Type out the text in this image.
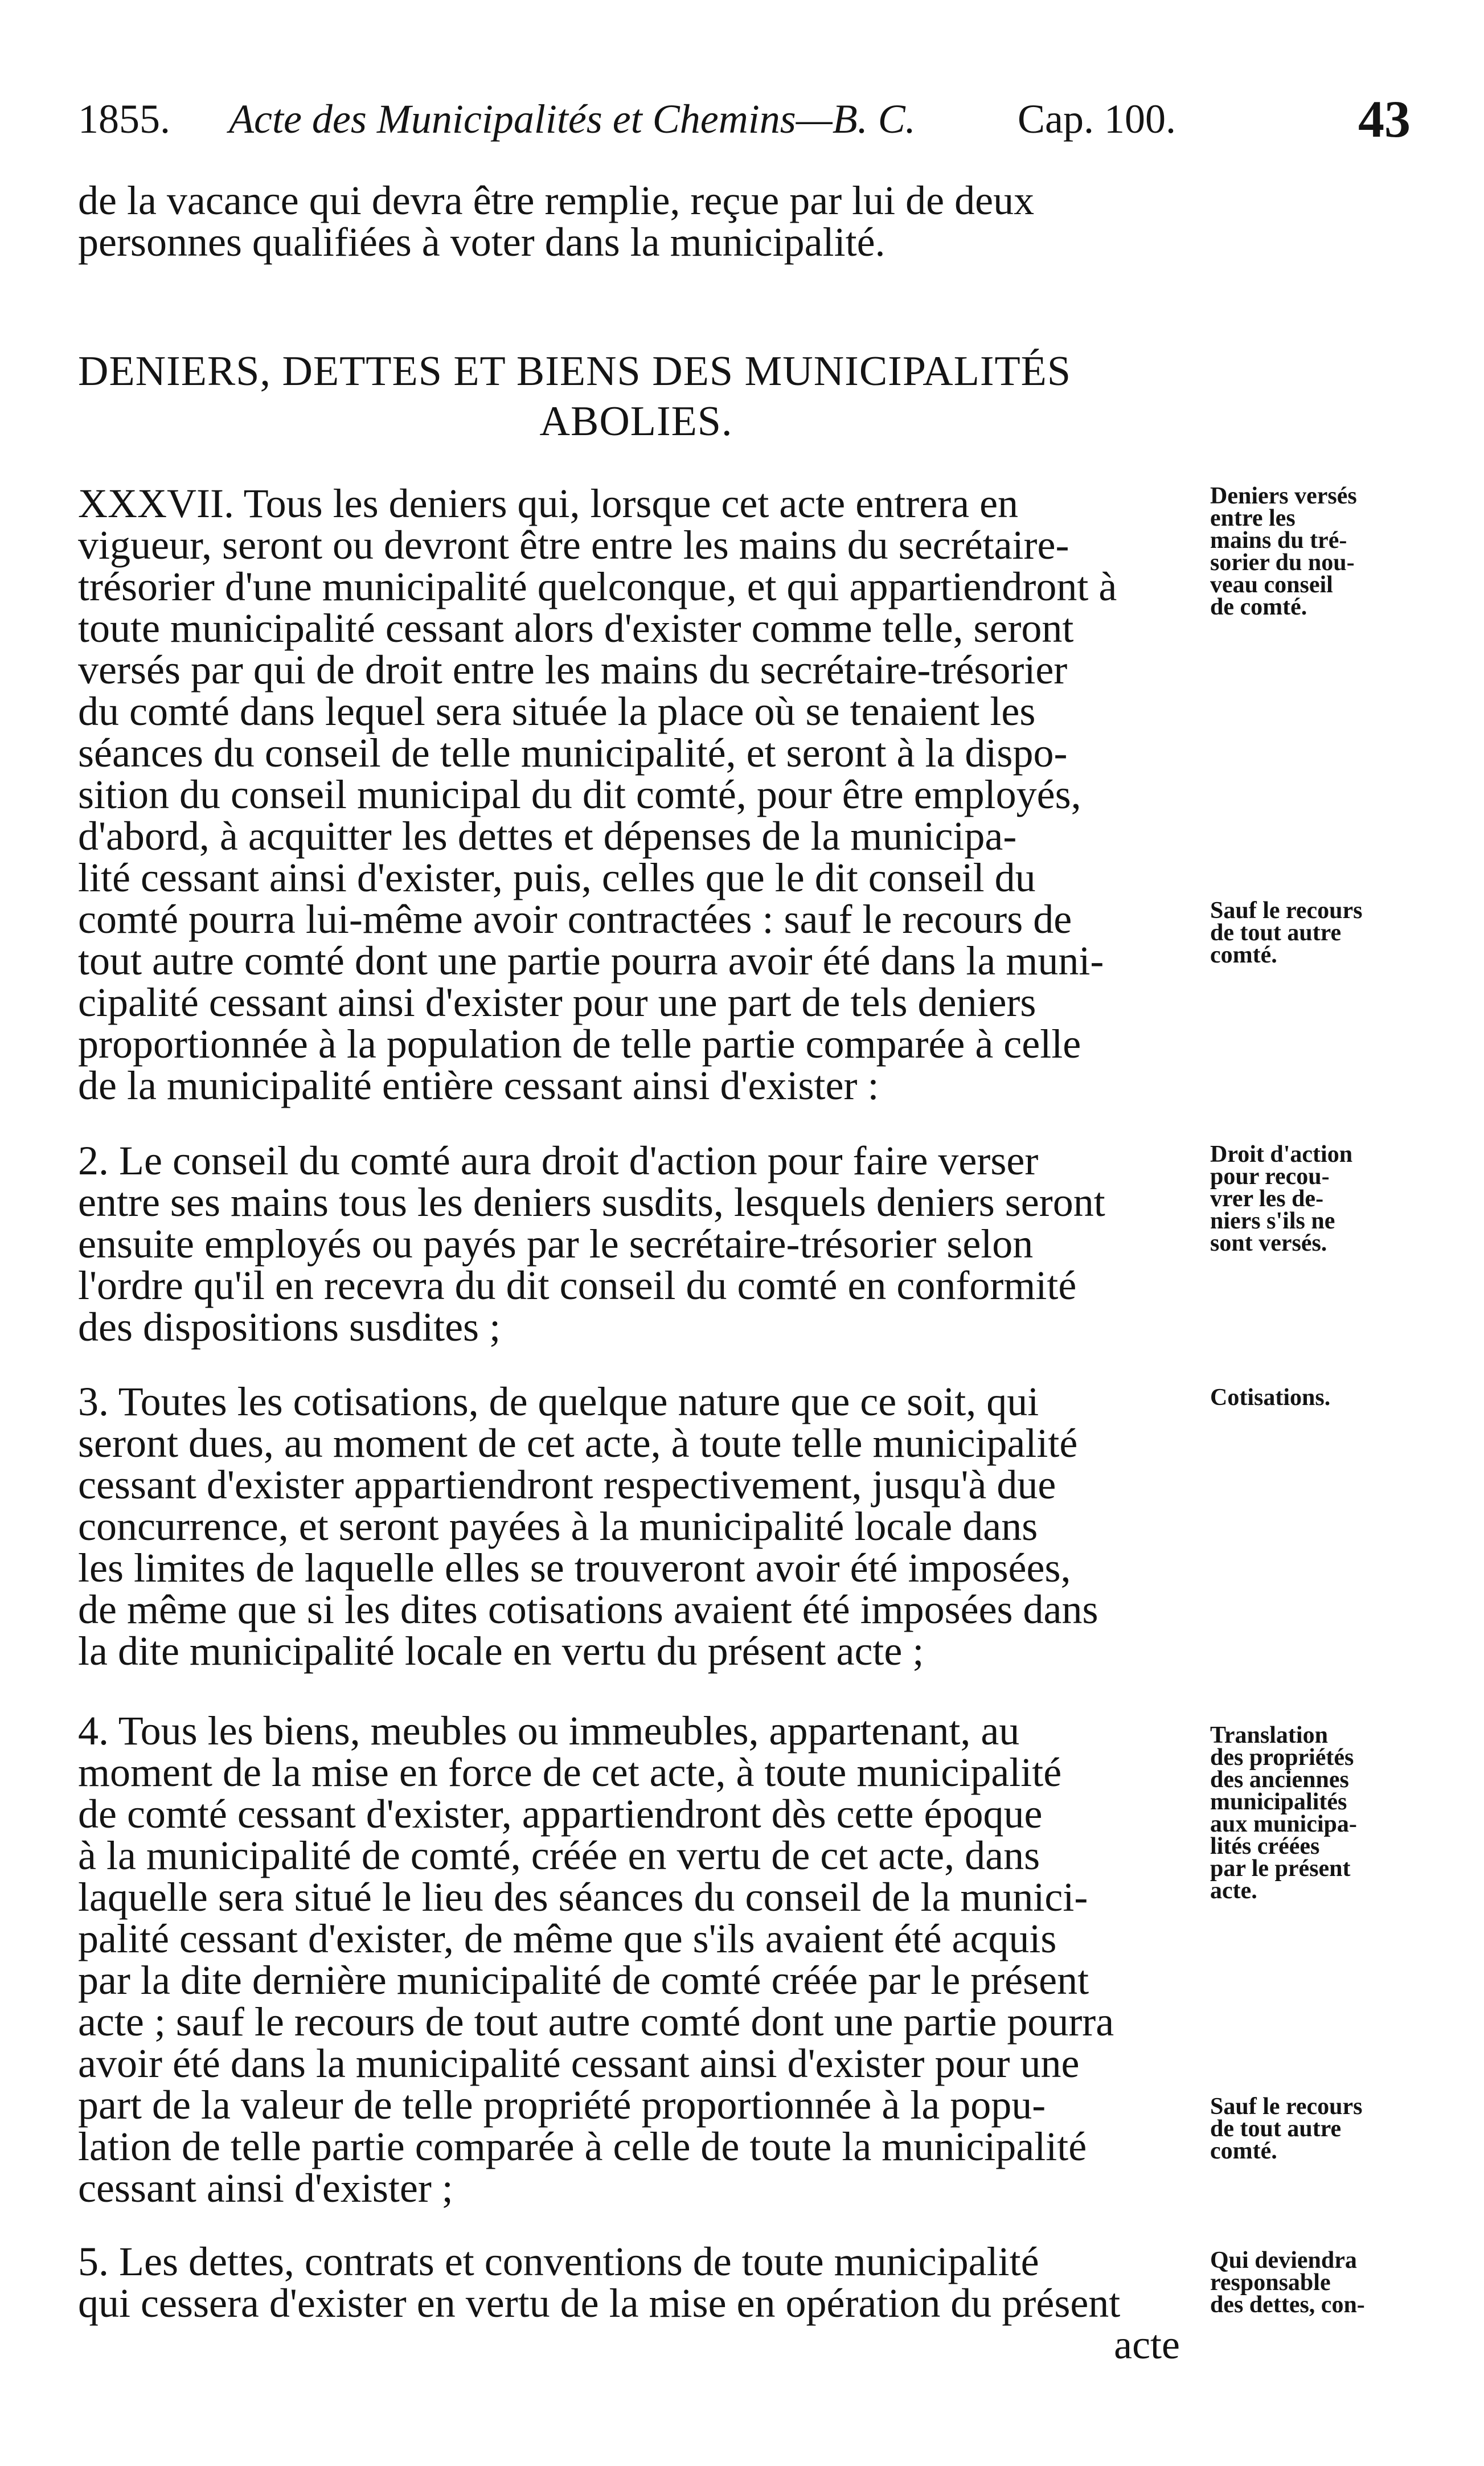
1855. Acte des Municipalités et Chemins—B. C. Cap. 100.	43
de la vacance qui devra être remplie, reçue par lui de deux
personnes qualifiées à voter dans la municipalité.
DENIERS, DETTES ET BIENS DES MUNICIPALITÉS
ABOLIES.
XXXVII. Tous les deniers qui, lorsque cet acte entrera en
vigueur, seront ou devront être entre les mains du secrétaire-
trésorier d'une municipalité quelconque, et qui appartiendront à
toute municipalité cessant alors d'exister comme telle, seront
versés par qui de droit entre les mains du secrétaire-trésorier
du comté dans lequel sera située la place où se tenaient les
séances du conseil de telle municipalité, et seront à la dispo-
sition du conseil municipal du dit comté, pour être employés,
d'abord, à acquitter les dettes et dépenses de la municipa-
lité cessant ainsi d'exister, puis, celles que le dit conseil du
comté pourra lui-même avoir contractées : sauf le recours de
tout autre comté dont une partie pourra avoir été dans la muni-
cipalité cessant ainsi d'exister pour une part de tels deniers
proportionnée à la population de telle partie comparée à celle
de la municipalité entière cessant ainsi d'exister :
2. Le conseil du comté aura droit d'action pour faire verser
entre ses mains tous les deniers susdits, lesquels deniers seront
ensuite employés ou payés par le secrétaire-trésorier selon
l'ordre qu'il en recevra du dit conseil du comté en conformité
des dispositions susdites ;
3. Toutes les cotisations, de quelque nature que ce soit, qui
seront dues, au moment de cet acte, à toute telle municipalité
cessant d'exister appartiendront respectivement, jusqu'à due
concurrence, et seront payées à la municipalité locale dans
les limites de laquelle elles se trouveront avoir été imposées,
de même que si les dites cotisations avaient été imposées dans
la dite municipalité locale en vertu du présent acte ;
4. Tous les biens, meubles ou immeubles, appartenant, au
moment de la mise en force de cet acte, à toute municipalité
de comté cessant d'exister, appartiendront dès cette époque
à la municipalité de comté, créée en vertu de cet acte, dans
laquelle sera situé le lieu des séances du conseil de la munici-
palité cessant d'exister, de même que s'ils avaient été acquis
par la dite dernière municipalité de comté créée par le présent
acte ; sauf le recours de tout autre comté dont une partie pourra
avoir été dans la municipalité cessant ainsi d'exister pour une
part de la valeur de telle propriété proportionnée à la popu-
lation de telle partie comparée à celle de toute la municipalité
cessant ainsi d'exister ;
5. Les dettes, contrats et conventions de toute municipalité
qui cessera d'exister en vertu de la mise en opération du présent
acte
Deniers versés
entre les
mains du tré-
sorier du nou-
veau conseil
de comté.
Sauf le recours
de tout autre
comté.
Droit d'action
pour recou-
vrer les de-
niers s'ils ne
sont versés.
Cotisations.
Translation
des propriétés
des anciennes
municipalités
aux municipa-
lités créées
par le présent
acte.
Sauf le recours
de tout autre
comté.
Qui deviendra
responsable
des dettes, con-
